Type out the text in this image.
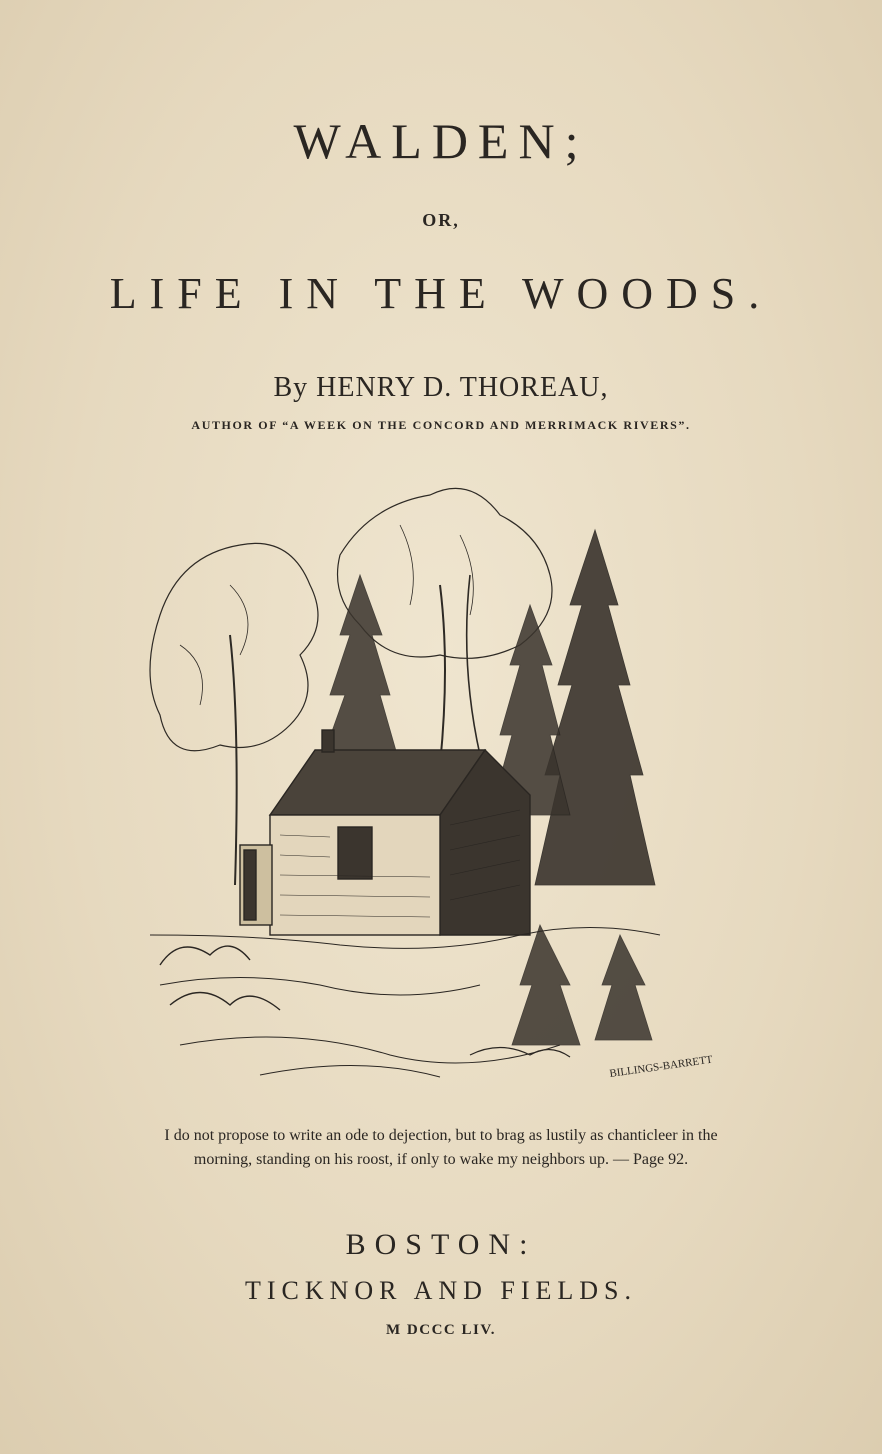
WALDEN;
OR,
LIFE IN THE WOODS.
By HENRY D. THOREAU,
AUTHOR OF “A WEEK ON THE CONCORD AND MERRIMACK RIVERS”.
BILLINGS-BARRETT
I do not propose to write an ode to dejection, but to brag as lustily as chanticleer in the
morning, standing on his roost, if only to wake my neighbors up. — Page 92.
BOSTON:
TICKNOR AND FIELDS.
M DCCC LIV.
